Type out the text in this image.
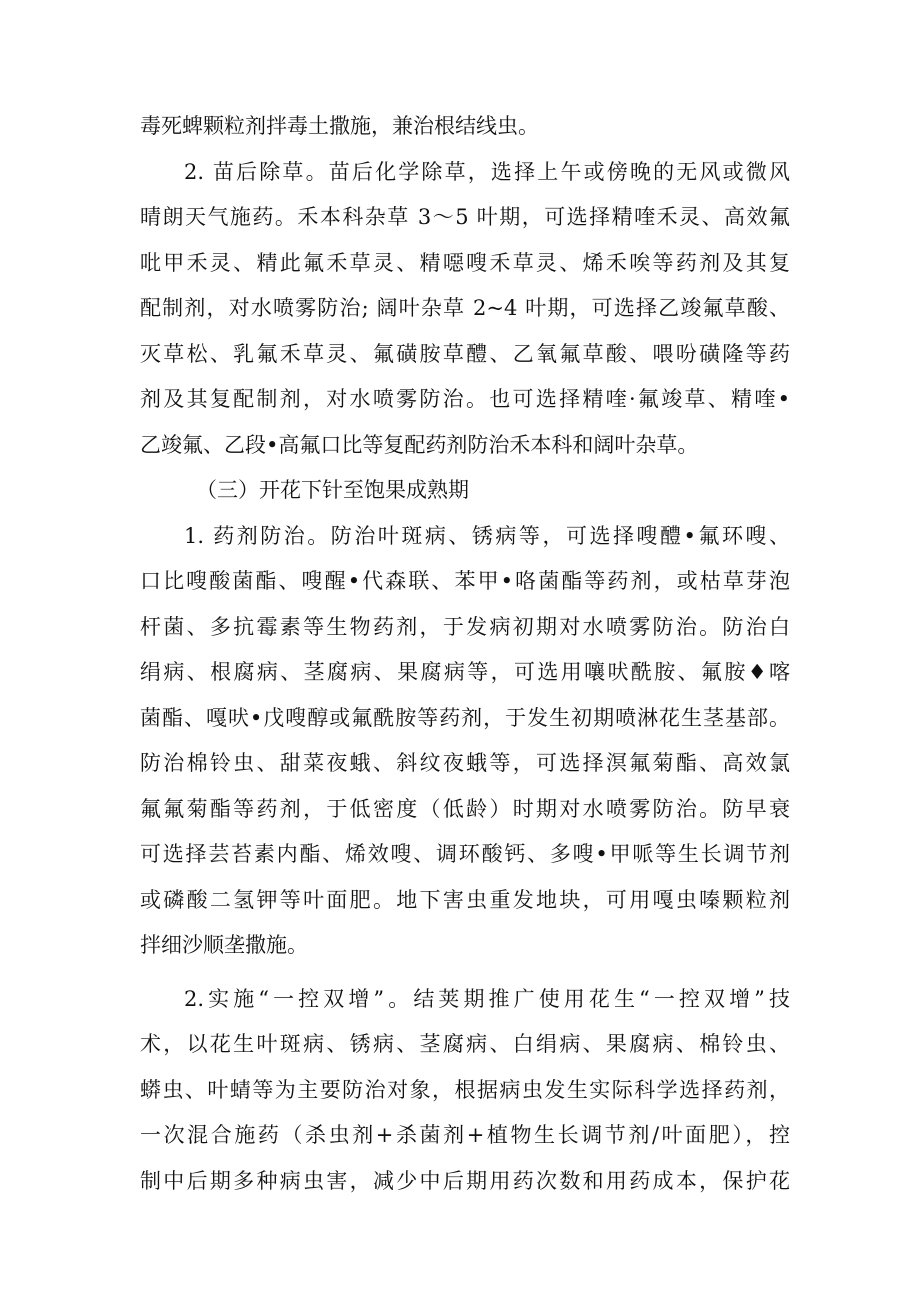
毒死蜱颗粒剂拌毒土撒施，兼治根结线虫。
2. 苗后除草。苗后化学除草，选择上午或傍晚的无风或微风
晴朗天气施药。禾本科杂草 3～5 叶期，可选择精喹禾灵、高效氟
吡甲禾灵、精此氟禾草灵、精噁嗖禾草灵、烯禾唉等药剂及其复
配制剂，对水喷雾防治; 阔叶杂草 2~4 叶期，可选择乙竣氟草酸、
灭草松、乳氟禾草灵、氟磺胺草醴、乙氧氟草酸、喂吩磺隆等药
剂及其复配制剂，对水喷雾防治。也可选择精喹·氟竣草、精喹•
乙竣氟、乙段•高氟口比等复配药剂防治禾本科和阔叶杂草。
（三）开花下针至饱果成熟期
1. 药剂防治。防治叶斑病、锈病等，可选择嗖醴•氟环嗖、
口比嗖酸菌酯、嗖醒•代森联、苯甲•咯菌酯等药剂，或枯草芽泡
杆菌、多抗霉素等生物药剂，于发病初期对水喷雾防治。防治白
绢病、根腐病、茎腐病、果腐病等，可选用嚷吠酰胺、氟胺♦喀
菌酯、嘎吠•戊嗖醇或氟酰胺等药剂，于发生初期喷淋花生茎基部。
防治棉铃虫、甜菜夜蛾、斜纹夜蛾等，可选择溟氟菊酯、高效氯
氟氟菊酯等药剂，于低密度（低龄）时期对水喷雾防治。防早衰
可选择芸苔素内酯、烯效嗖、调环酸钙、多嗖•甲哌等生长调节剂
或磷酸二氢钾等叶面肥。地下害虫重发地块，可用嘎虫嗪颗粒剂
拌细沙顺垄撒施。
2.实施“一控双增”。结荚期推广使用花生“一控双增”技
术，以花生叶斑病、锈病、茎腐病、白绢病、果腐病、棉铃虫、
蟒虫、叶蜻等为主要防治对象，根据病虫发生实际科学选择药剂，
一次混合施药（杀虫剂+杀菌剂+植物生长调节剂/叶面肥），控
制中后期多种病虫害，减少中后期用药次数和用药成本，保护花
